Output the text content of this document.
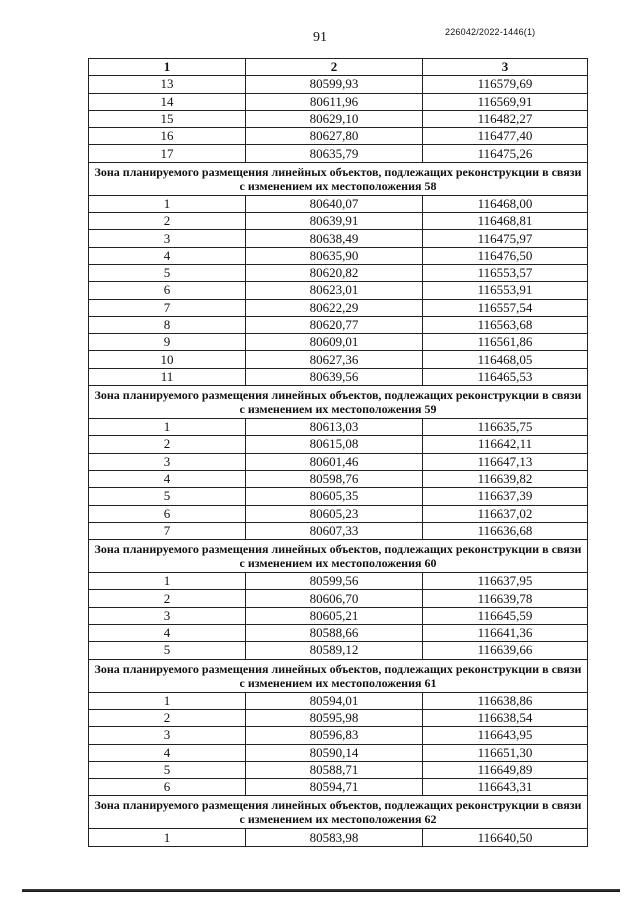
91	226042/2022-1446(1)
1	2	3
13	80599,93	116579,69
14	80611,96	116569,91
15	80629,10	116482,27
16	80627,80	116477,40
17	80635,79	116475,26
Зона планируемого размещения линейных объектов, подлежащих реконструкции в связи с изменением их местоположения 58		
1	80640,07	116468,00
2	80639,91	116468,81
3	80638,49	116475,97
4	80635,90	116476,50
5	80620,82	116553,57
6	80623,01	116553,91
7	80622,29	116557,54
8	80620,77	116563,68
9	80609,01	116561,86
10	80627,36	116468,05
11	80639,56	116465,53
Зона планируемого размещения линейных объектов, подлежащих реконструкции в связи с изменением их местоположения 59		
1	80613,03	116635,75
2	80615,08	116642,11
3	80601,46	116647,13
4	80598,76	116639,82
5	80605,35	116637,39
6	80605,23	116637,02
7	80607,33	116636,68
Зона планируемого размещения линейных объектов, подлежащих реконструкции в связи с изменением их местоположения 60		
1	80599,56	116637,95
2	80606,70	116639,78
3	80605,21	116645,59
4	80588,66	116641,36
5	80589,12	116639,66
Зона планируемого размещения линейных объектов, подлежащих реконструкции в связи с изменением их местоположения 61		
1	80594,01	116638,86
2	80595,98	116638,54
3	80596,83	116643,95
4	80590,14	116651,30
5	80588,71	116649,89
6	80594,71	116643,31
Зона планируемого размещения линейных объектов, подлежащих реконструкции в связи с изменением их местоположения 62		
1	80583,98	116640,50
